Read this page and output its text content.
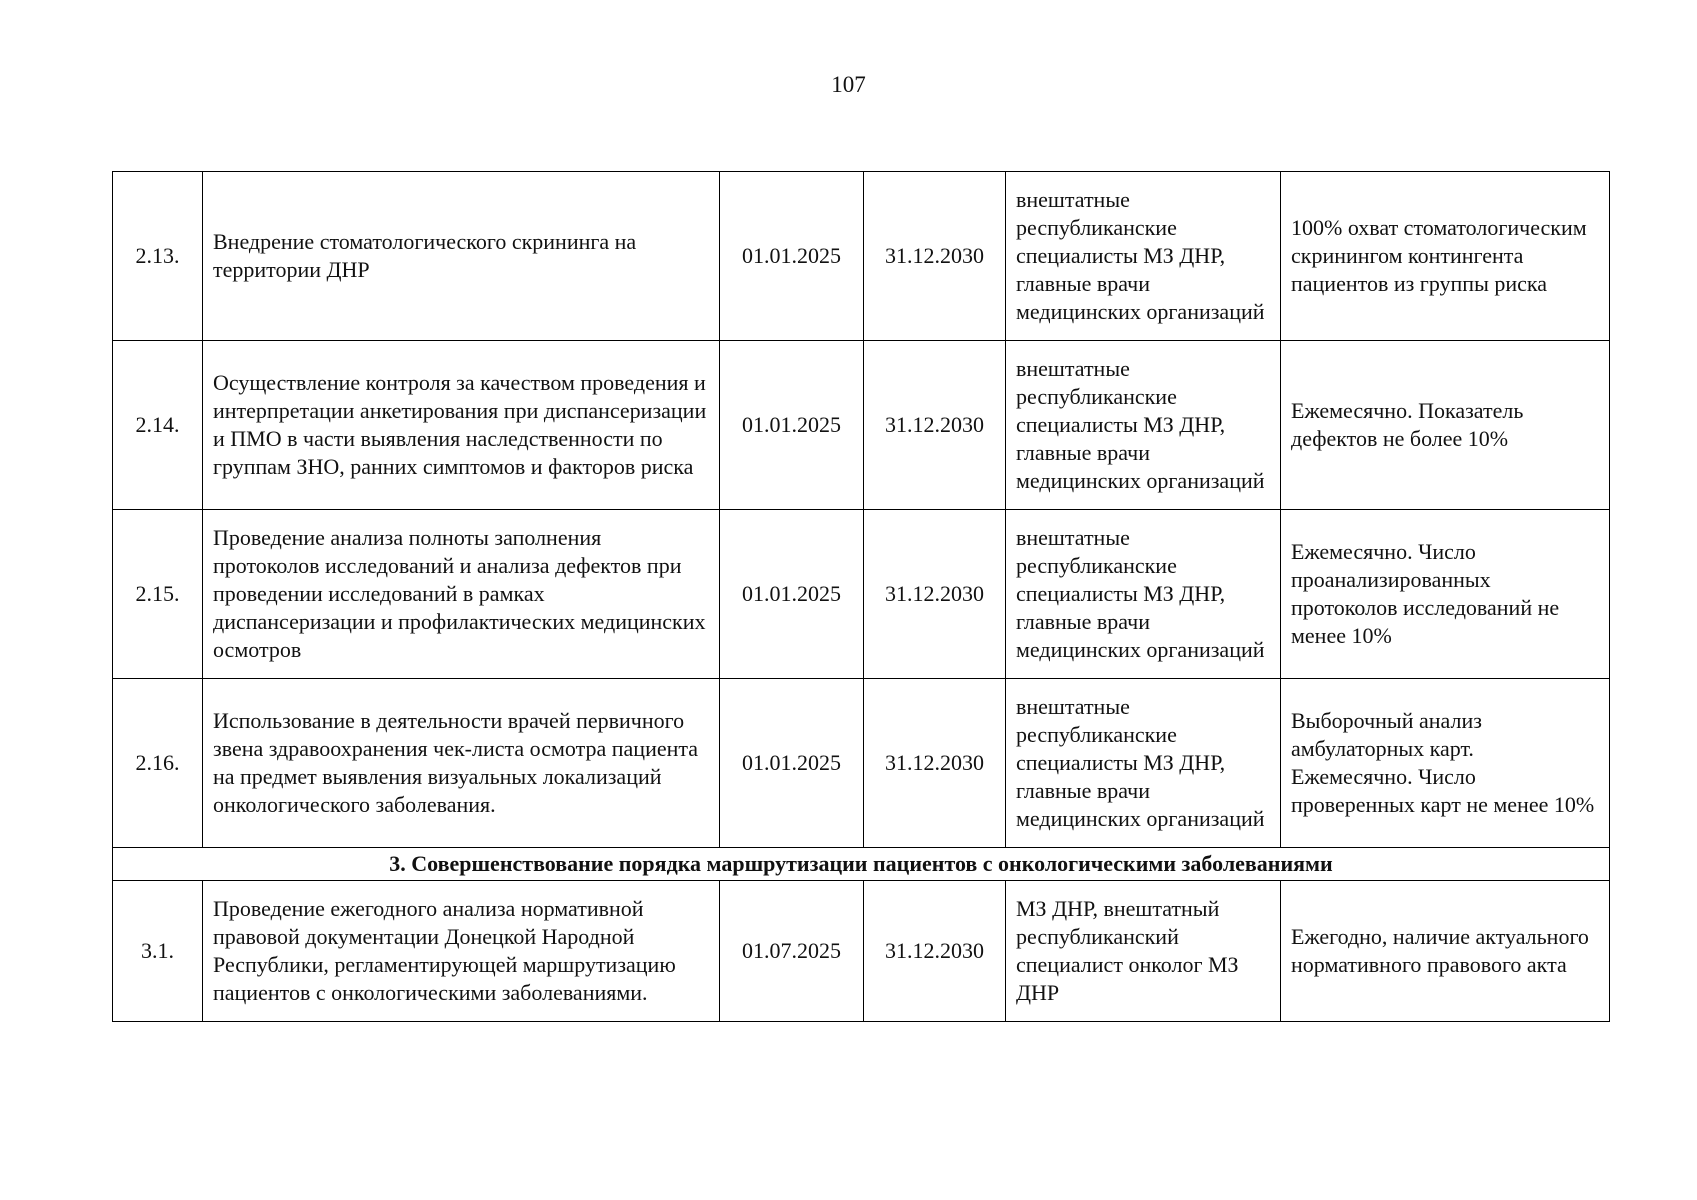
107
2.13.	Внедрение стоматологического скрининга на территории ДНР	01.01.2025	31.12.2030	внештатные республиканские специалисты МЗ ДНР, главные врачи медицинских организаций	100% охват стоматологическим скринингом контингента пациентов из группы риска
2.14.	Осуществление контроля за качеством проведения и интерпретации анкетирования при диспансеризации и ПМО в части выявления наследственности по группам ЗНО, ранних симптомов и факторов риска	01.01.2025	31.12.2030	внештатные республиканские специалисты МЗ ДНР, главные врачи медицинских организаций	Ежемесячно. Показатель дефектов не более 10%
2.15.	Проведение анализа полноты заполнения протоколов исследований и анализа дефектов при проведении исследований в рамках диспансеризации и профилактических медицинских осмотров	01.01.2025	31.12.2030	внештатные республиканские специалисты МЗ ДНР, главные врачи медицинских организаций	Ежемесячно. Число проанализированных протоколов исследований не менее 10%
2.16.	Использование в деятельности врачей первичного звена здравоохранения чек-листа осмотра пациента на предмет выявления визуальных локализаций онкологического заболевания.	01.01.2025	31.12.2030	внештатные республиканские специалисты МЗ ДНР, главные врачи медицинских организаций	Выборочный анализ амбулаторных карт. Ежемесячно. Число проверенных карт не менее 10%
3. Совершенствование порядка маршрутизации пациентов с онкологическими заболеваниями					
3.1.	Проведение ежегодного анализа нормативной правовой документации Донецкой Народной Республики, регламентирующей маршрутизацию пациентов с онкологическими заболеваниями.	01.07.2025	31.12.2030	МЗ ДНР, внештатный республиканский специалист онколог МЗ ДНР	Ежегодно, наличие актуального нормативного правового акта
